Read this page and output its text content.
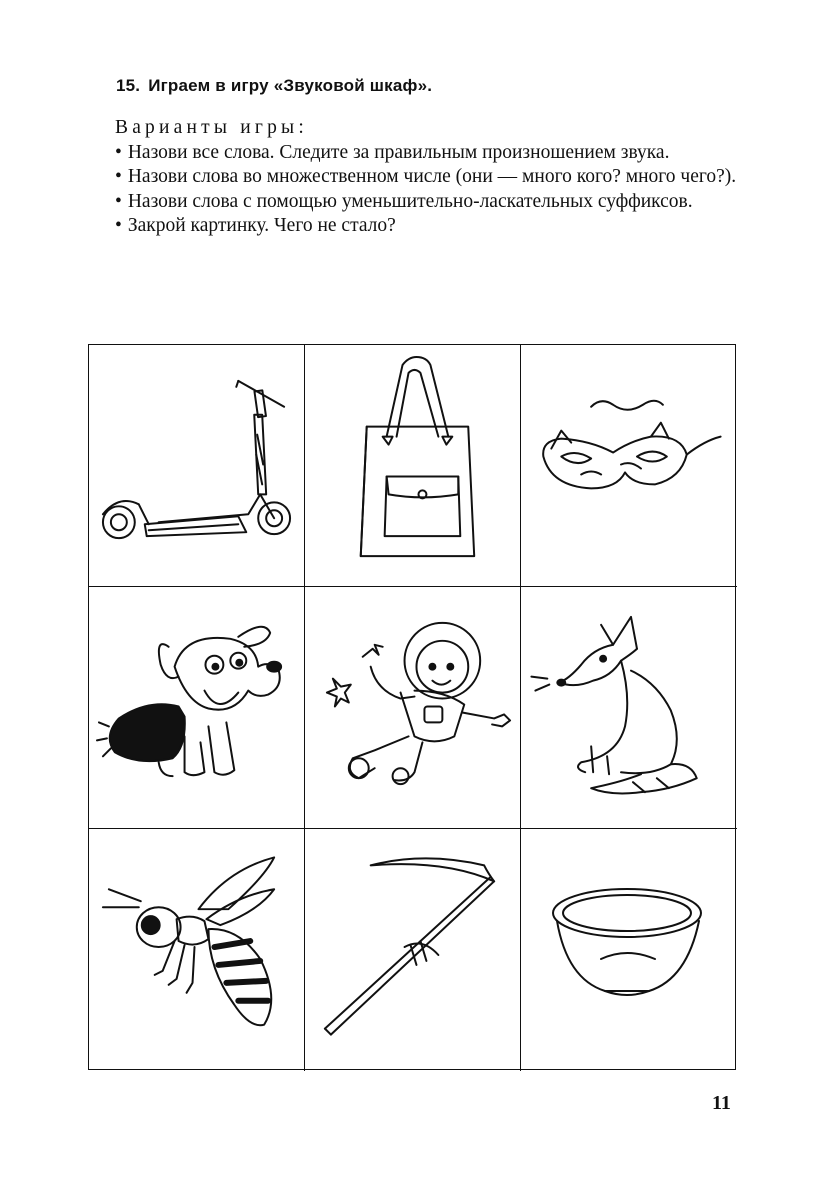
15. Играем в игру «Звуковой шкаф».
Варианты игры:
• Назови все слова. Следите за правильным произношением звука.
• Назови слова во множественном числе (они — много кого? много чего?).
• Назови слова с помощью уменьшительно-ласкательных суффиксов.
• Закрой картинку. Чего не стало?
11
